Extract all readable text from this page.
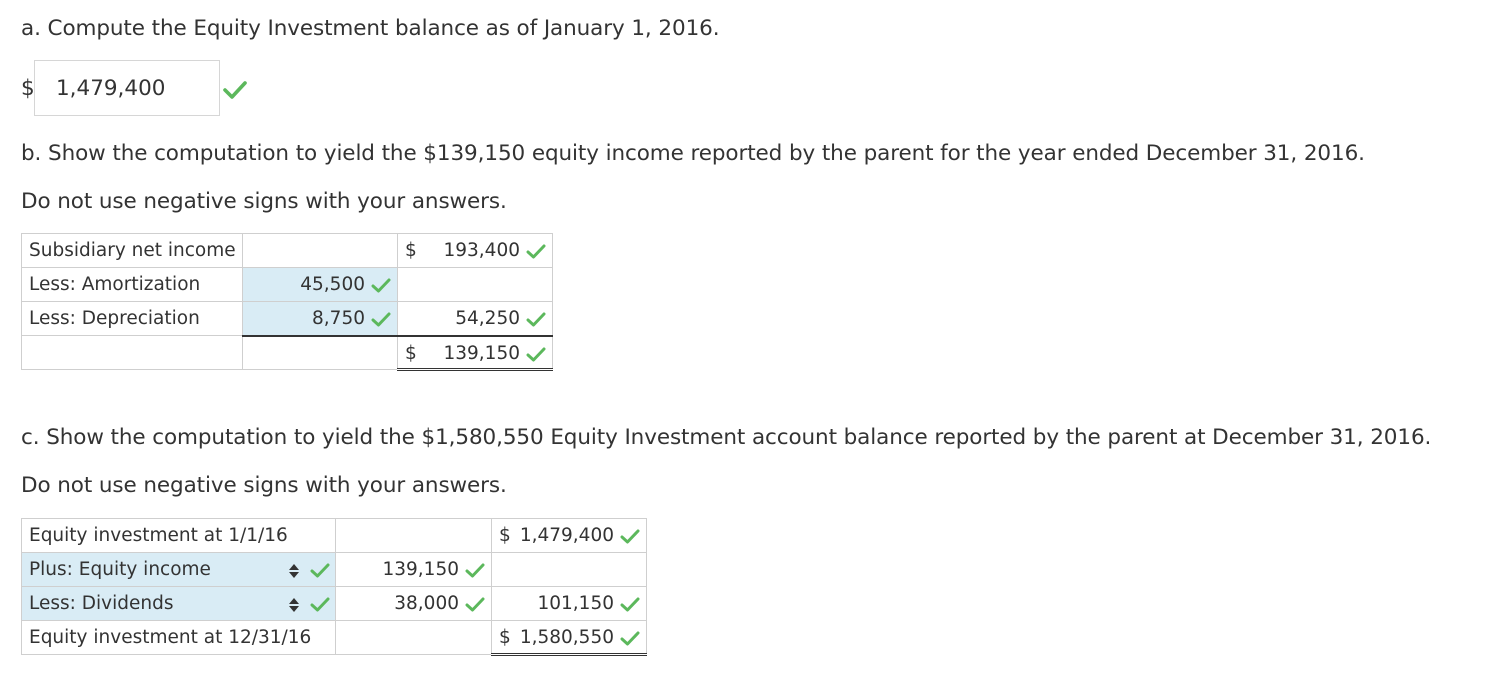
a. Compute the Equity Investment balance as of January 1, 2016.
$ 1,479,400
b. Show the computation to yield the $139,150 equity income reported by the parent for the year ended December 31, 2016.
Do not use negative signs with your answers.
Subsidiary net income		$ 193,400

Less: Amortization	45,500	

Less: Depreciation	8,750	54,250

		$ 139,150
c. Show the computation to yield the $1,580,550 Equity Investment account balance reported by the parent at December 31, 2016.
Do not use negative signs with your answers.
Equity investment at 1/1/16		$ 1,479,400

Plus: Equity income	139,150	

Less: Dividends	38,000	101,150

Equity investment at 12/31/16		$ 1,580,550
